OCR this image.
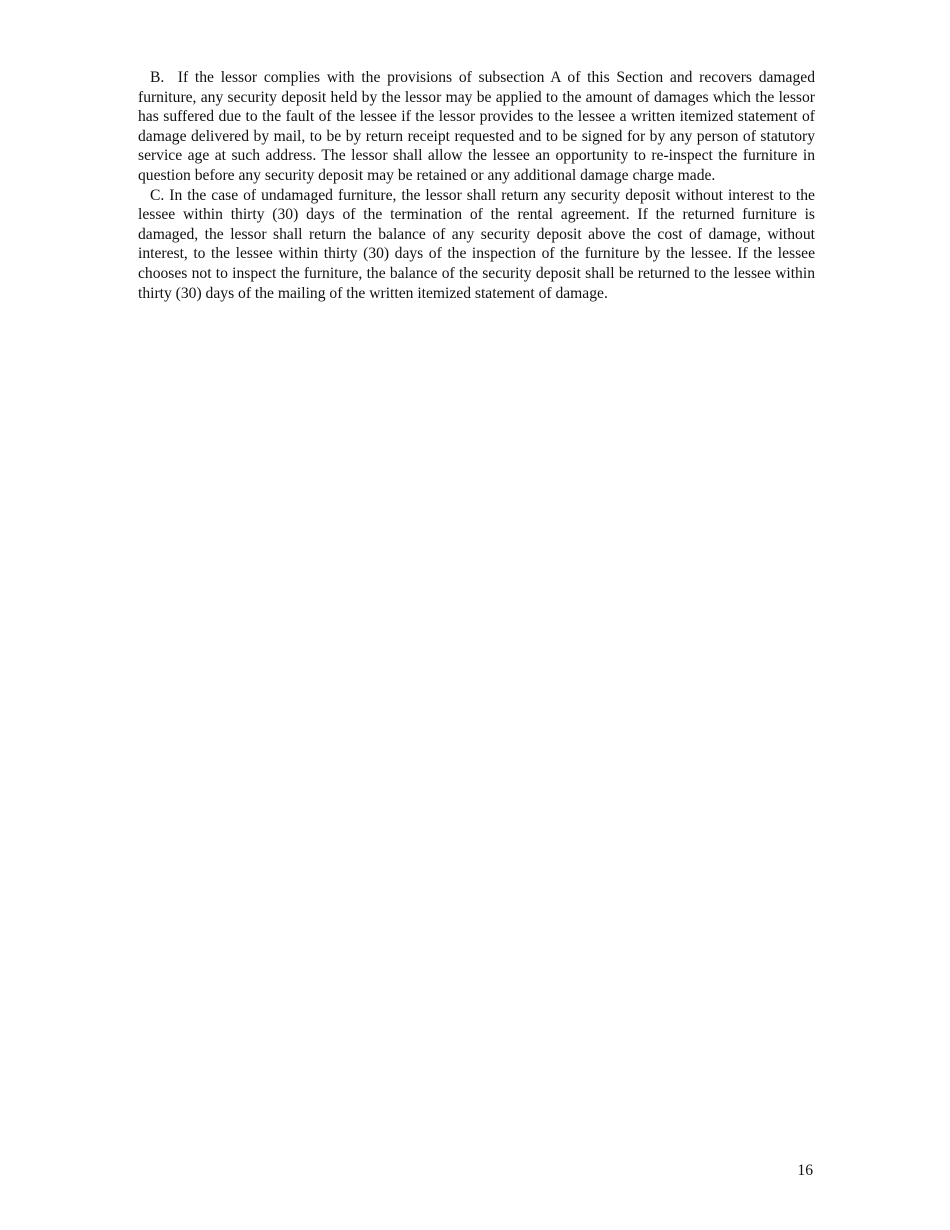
B. If the lessor complies with the provisions of subsection A of this Section and recovers damaged furniture, any security deposit held by the lessor may be applied to the amount of damages which the lessor has suffered due to the fault of the lessee if the lessor provides to the lessee a written itemized statement of damage delivered by mail, to be by return receipt requested and to be signed for by any person of statutory service age at such address. The lessor shall allow the lessee an opportunity to re-inspect the furniture in question before any security deposit may be retained or any additional damage charge made.

C. In the case of undamaged furniture, the lessor shall return any security deposit without interest to the lessee within thirty (30) days of the termination of the rental agreement. If the returned furniture is damaged, the lessor shall return the balance of any security deposit above the cost of damage, without interest, to the lessee within thirty (30) days of the inspection of the furniture by the lessee. If the lessee chooses not to inspect the furniture, the balance of the security deposit shall be returned to the lessee within thirty (30) days of the mailing of the written itemized statement of damage.

16
